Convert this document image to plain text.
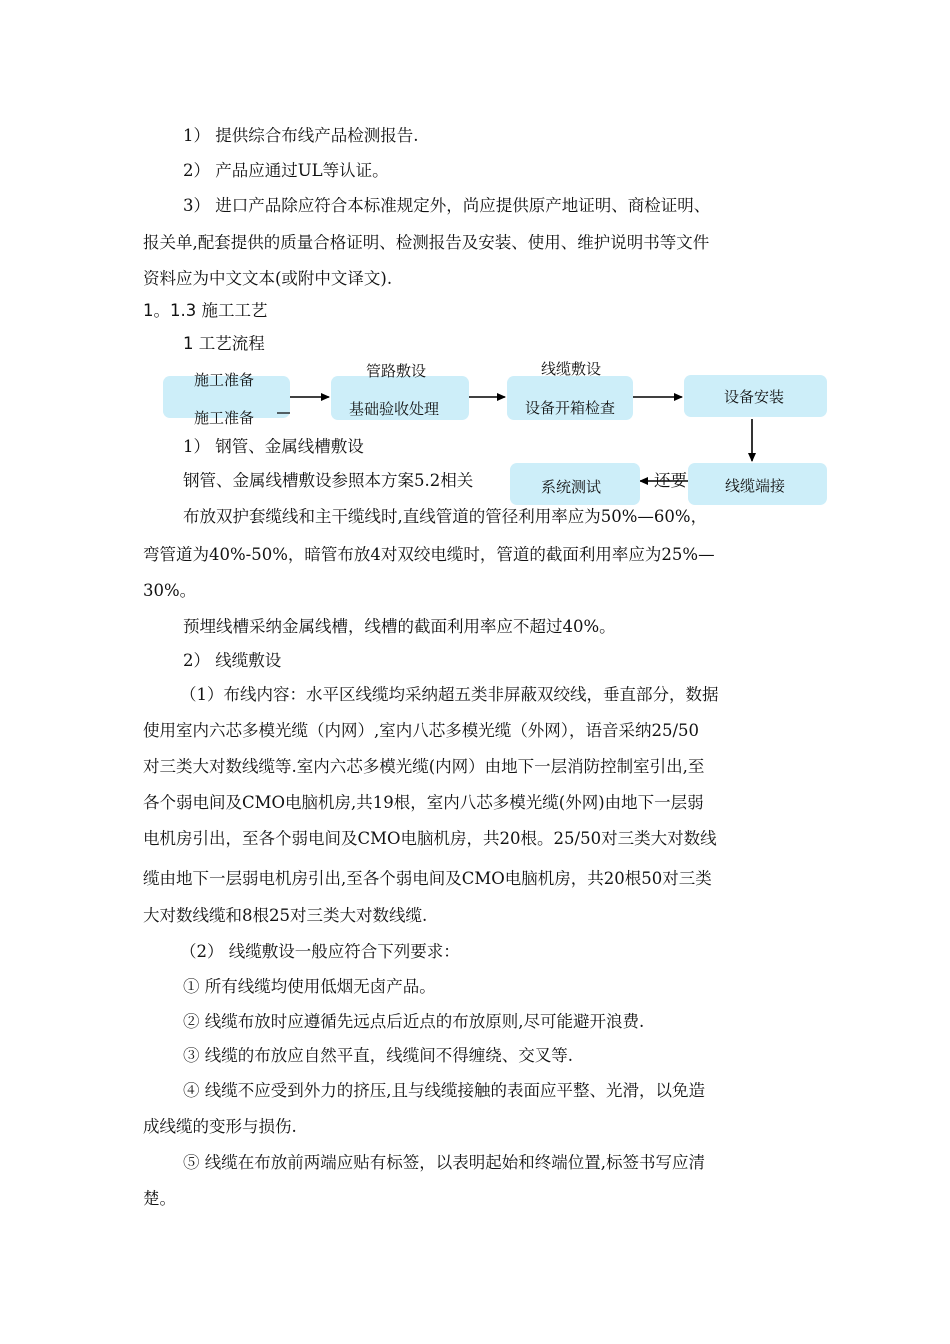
1） 提供综合布线产品检测报告.
2） 产品应通过UL等认证。
3） 进口产品除应符合本标准规定外，尚应提供原产地证明、商检证明、
报关单,配套提供的质量合格证明、检测报告及安装、使用、维护说明书等文件
资料应为中文文本(或附中文译文).
1。1.3 施工工艺
1 工艺流程
施工准备
施工准备
管路敷设
基础验收处理
线缆敷设
设备开箱检查
设备安装
线缆端接
1） 钢管、金属线槽敷设
钢管、金属线槽敷设参照本方案5.2相关	还要
系统测试
布放双护套缆线和主干缆线时,直线管道的管径利用率应为50%—60%，
弯管道为40%-50%，暗管布放4对双绞电缆时，管道的截面利用率应为25%—
30%。
预埋线槽采纳金属线槽，线槽的截面利用率应不超过40%。
2） 线缆敷设
（1）布线内容：水平区线缆均采纳超五类非屏蔽双绞线，垂直部分，数据
使用室内六芯多模光缆（内网）,室内八芯多模光缆（外网），语音采纳25/50
对三类大对数线缆等.室内六芯多模光缆(内网）由地下一层消防控制室引出,至
各个弱电间及CMO电脑机房,共19根，室内八芯多模光缆(外网)由地下一层弱
电机房引出，至各个弱电间及CMO电脑机房，共20根。25/50对三类大对数线
缆由地下一层弱电机房引出,至各个弱电间及CMO电脑机房，共20根50对三类
大对数线缆和8根25对三类大对数线缆.
（2） 线缆敷设一般应符合下列要求：
① 所有线缆均使用低烟无卤产品。
② 线缆布放时应遵循先远点后近点的布放原则,尽可能避开浪费.
③ 线缆的布放应自然平直，线缆间不得缠绕、交叉等.
④ 线缆不应受到外力的挤压,且与线缆接触的表面应平整、光滑，以免造
成线缆的变形与损伤.
⑤ 线缆在布放前两端应贴有标签，以表明起始和终端位置,标签书写应清
楚。
